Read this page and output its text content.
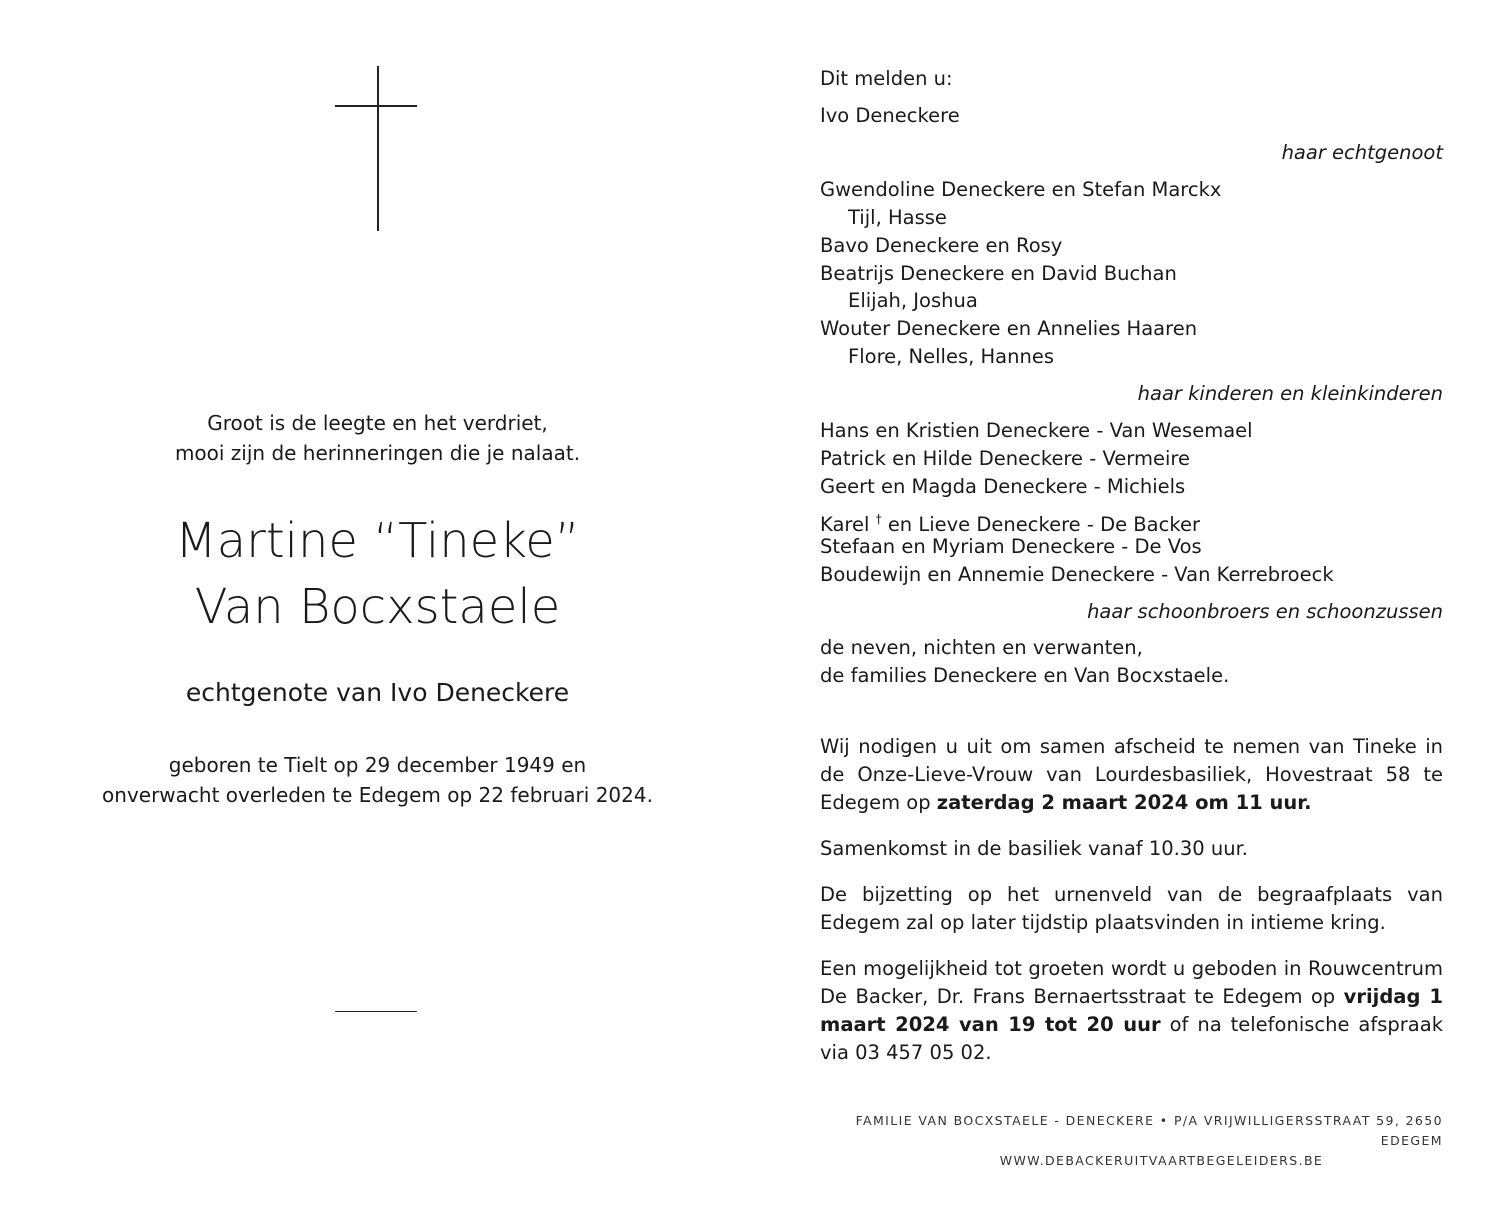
Groot is de leegte en het verdriet,
mooi zijn de herinneringen die je nalaat.
Martine “Tineke”
Van Bocxstaele
echtgenote van Ivo Deneckere
geboren te Tielt op 29 december 1949 en
onverwacht overleden te Edegem op 22 februari 2024.
Dit melden u:
Ivo Deneckere
haar echtgenoot
Gwendoline Deneckere en Stefan Marckx
Tijl, Hasse
Bavo Deneckere en Rosy
Beatrijs Deneckere en David Buchan
Elijah, Joshua
Wouter Deneckere en Annelies Haaren
Flore, Nelles, Hannes
haar kinderen en kleinkinderen
Hans en Kristien Deneckere - Van Wesemael
Patrick en Hilde Deneckere - Vermeire
Geert en Magda Deneckere - Michiels
Karel † en Lieve Deneckere - De Backer
Stefaan en Myriam Deneckere - De Vos
Boudewijn en Annemie Deneckere - Van Kerrebroeck
haar schoonbroers en schoonzussen
de neven, nichten en verwanten,
de families Deneckere en Van Bocxstaele.
Wij nodigen u uit om samen afscheid te nemen van Tineke in de Onze-Lieve-Vrouw van Lourdesbasiliek, Hovestraat 58 te Edegem op zaterdag 2 maart 2024 om 11 uur.
Samenkomst in de basiliek vanaf 10.30 uur.
De bijzetting op het urnenveld van de begraafplaats van Edegem zal op later tijdstip plaatsvinden in intieme kring.
Een mogelijkheid tot groeten wordt u geboden in Rouwcentrum De Backer, Dr. Frans Bernaertsstraat te Edegem op vrijdag 1 maart 2024 van 19 tot 20 uur of na telefonische afspraak via 03 457 05 02.
FAMILIE VAN BOCXSTAELE - DENECKERE • P/A VRIJWILLIGERSSTRAAT 59, 2650 EDEGEM
WWW.DEBACKERUITVAARTBEGELEIDERS.BE
